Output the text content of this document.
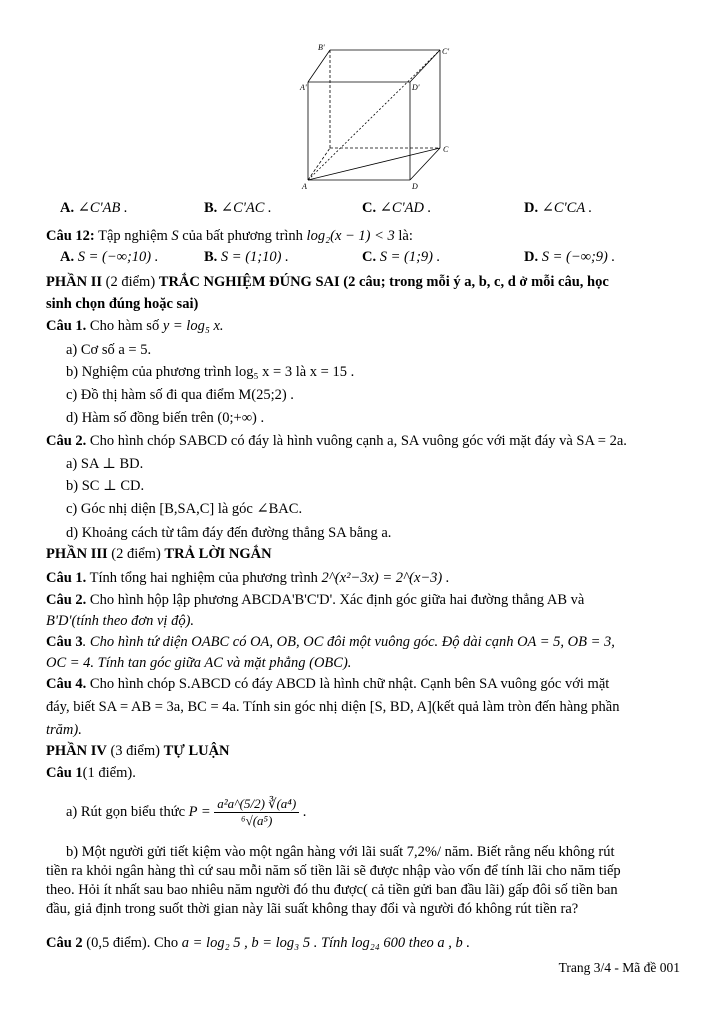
B'	C'
A'	D'
C
A	D
A. ∠C'AB .	B. ∠C'AC .	C. ∠C'AD .	D. ∠C'CA .
Câu 12: Tập nghiệm S của bất phương trình log₂(x − 1) < 3 là:
A. S = (−∞;10) .	B. S = (1;10) .	C. S = (1;9) .	D. S = (−∞;9) .
PHẦN II (2 điểm) TRẮC NGHIỆM ĐÚNG SAI (2 câu; trong mỗi ý a, b, c, d ở mỗi câu, học
sinh chọn đúng hoặc sai)
Câu 1. Cho hàm số y = log₅ x.
a) Cơ số a = 5.
b) Nghiệm của phương trình log₅ x = 3 là x = 15 .
c) Đồ thị hàm số đi qua điểm M(25;2) .
d) Hàm số đồng biến trên (0;+∞) .
Câu 2. Cho hình chóp SABCD có đáy là hình vuông cạnh a, SA vuông góc với mặt đáy và SA = 2a.
a) SA ⊥ BD.
b) SC ⊥ CD.
c) Góc nhị diện [B,SA,C] là góc ∠BAC.
d) Khoảng cách từ tâm đáy đến đường thẳng SA bằng a.
PHẦN III (2 điểm) TRẢ LỜI NGẮN
Câu 1. Tính tổng hai nghiệm của phương trình 2^(x²−3x) = 2^(x−3) .
Câu 2. Cho hình hộp lập phương ABCDA'B'C'D'. Xác định góc giữa hai đường thẳng AB và
B'D'(tính theo đơn vị độ).
Câu 3. Cho hình tứ diện OABC có OA, OB, OC đôi một vuông góc. Độ dài cạnh OA = 5, OB = 3,
OC = 4. Tính tan góc giữa AC và mặt phẳng (OBC).
Câu 4. Cho hình chóp S.ABCD có đáy ABCD là hình chữ nhật. Cạnh bên SA vuông góc với mặt
đáy, biết SA = AB = 3a, BC = 4a. Tính sin góc nhị diện [S, BD, A](kết quả làm tròn đến hàng phần
trăm).
PHẦN IV (3 điểm) TỰ LUẬN
Câu 1(1 điểm).
a) Rút gọn biểu thức $P = \frac{\text{a²a\textasciicircum{}(5/2) ∛(a⁴)}}{\text{⁶√(a⁵)}}$ .
b) Một người gửi tiết kiệm vào một ngân hàng với lãi suất 7,2%/ năm. Biết rằng nếu không rút
tiền ra khỏi ngân hàng thì cứ sau mỗi năm số tiền lãi sẽ được nhập vào vốn để tính lãi cho năm tiếp
theo. Hỏi ít nhất sau bao nhiêu năm người đó thu được( cả tiền gửi ban đầu lãi) gấp đôi số tiền ban
đầu, giả định trong suốt thời gian này lãi suất không thay đổi và người đó không rút tiền ra?
Câu 2 (0,5 điểm). Cho a = log₂ 5 , b = log₃ 5 . Tính log₂₄ 600 theo a , b .
Trang 3/4 - Mã đề 001
